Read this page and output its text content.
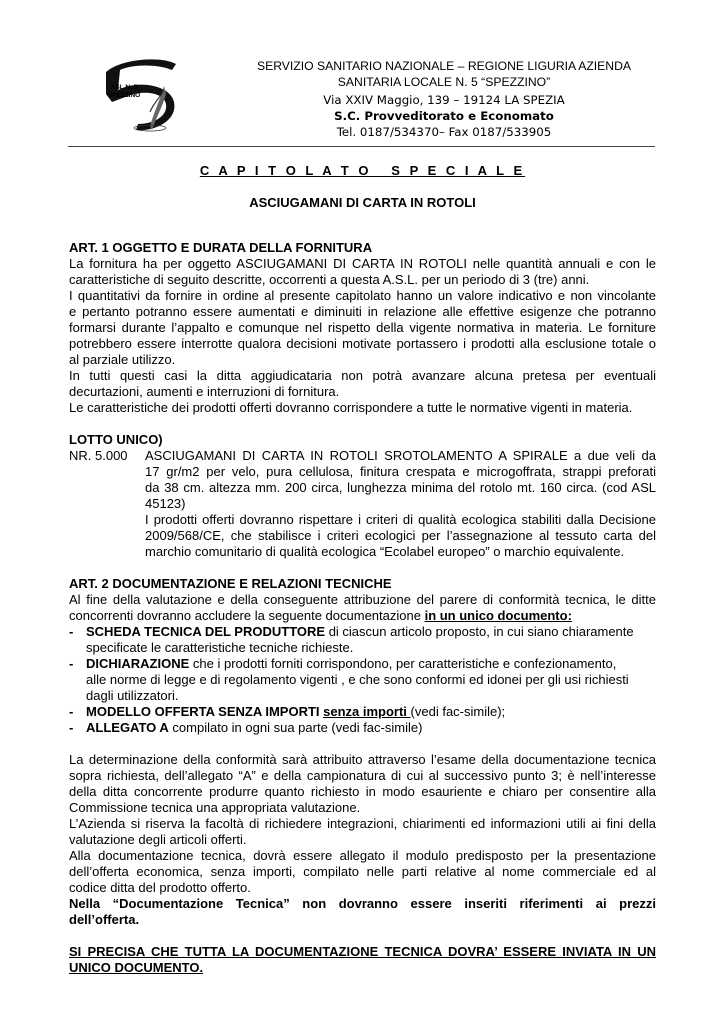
ASL N. 5
SPEZZINO
SERVIZIO SANITARIO NAZIONALE – REGIONE LIGURIA AZIENDA
SANITARIA LOCALE N. 5 “SPEZZINO”
Via XXIV Maggio, 139 – 19124 LA SPEZIA
S.C. Provveditorato e Economato
Tel. 0187/534370– Fax 0187/533905
C A P I T O L A T O   S P E C I A L E
ASCIUGAMANI DI CARTA IN ROTOLI
ART. 1 OGGETTO E DURATA DELLA FORNITURA
La fornitura ha per oggetto ASCIUGAMANI DI CARTA IN ROTOLI nelle quantità annuali e con le
caratteristiche di seguito descritte, occorrenti a questa A.S.L. per un periodo di 3 (tre) anni.
I quantitativi da fornire in ordine al presente capitolato hanno un valore indicativo e non vincolante
e pertanto potranno essere aumentati e diminuiti in relazione alle effettive esigenze che potranno
formarsi durante l’appalto e comunque nel rispetto della vigente normativa in materia. Le forniture
potrebbero essere interrotte qualora decisioni motivate portassero i prodotti alla esclusione totale o
al parziale utilizzo.
In tutti questi casi la ditta aggiudicataria non potrà avanzare alcuna pretesa per eventuali
decurtazioni, aumenti e interruzioni di fornitura.
Le caratteristiche dei prodotti offerti dovranno corrispondere a tutte le normative vigenti in materia.
LOTTO UNICO)
NR. 5.000 ASCIUGAMANI DI CARTA IN ROTOLI SROTOLAMENTO A SPIRALE a due veli da
17 gr/m2 per velo, pura cellulosa, finitura crespata e microgoffrata, strappi preforati
da 38 cm. altezza mm. 200 circa, lunghezza minima del rotolo mt. 160 circa. (cod ASL
45123)
I prodotti offerti dovranno rispettare i criteri di qualità ecologica stabiliti dalla Decisione
2009/568/CE, che stabilisce i criteri ecologici per l’assegnazione al tessuto carta del
marchio comunitario di qualità ecologica “Ecolabel europeo” o marchio equivalente.
ART. 2 DOCUMENTAZIONE E RELAZIONI TECNICHE
Al fine della valutazione e della conseguente attribuzione del parere di conformità tecnica, le ditte
concorrenti dovranno accludere la seguente documentazione in un unico documento:
- SCHEDA TECNICA DEL PRODUTTORE di ciascun articolo proposto, in cui siano chiaramente
specificate le caratteristiche tecniche richieste.
- DICHIARAZIONE che i prodotti forniti corrispondono, per caratteristiche e confezionamento,
alle norme di legge e di regolamento vigenti , e che sono conformi ed idonei per gli usi richiesti
dagli utilizzatori.
- MODELLO OFFERTA SENZA IMPORTI senza importi (vedi fac-simile);
- ALLEGATO A compilato in ogni sua parte (vedi fac-simile)
La determinazione della conformità sarà attribuito attraverso l’esame della documentazione tecnica
sopra richiesta, dell’allegato “A” e della campionatura di cui al successivo punto 3; è nell’interesse
della ditta concorrente produrre quanto richiesto in modo esauriente e chiaro per consentire alla
Commissione tecnica una appropriata valutazione.
L’Azienda si riserva la facoltà di richiedere integrazioni, chiarimenti ed informazioni utili ai fini della
valutazione degli articoli offerti.
Alla documentazione tecnica, dovrà essere allegato il modulo predisposto per la presentazione
dell’offerta economica, senza importi, compilato nelle parti relative al nome commerciale ed al
codice ditta del prodotto offerto.
Nella “Documentazione Tecnica” non dovranno essere inseriti riferimenti ai prezzi
dell’offerta.
SI PRECISA CHE TUTTA LA DOCUMENTAZIONE TECNICA DOVRA’ ESSERE INVIATA IN UN
UNICO DOCUMENTO.
